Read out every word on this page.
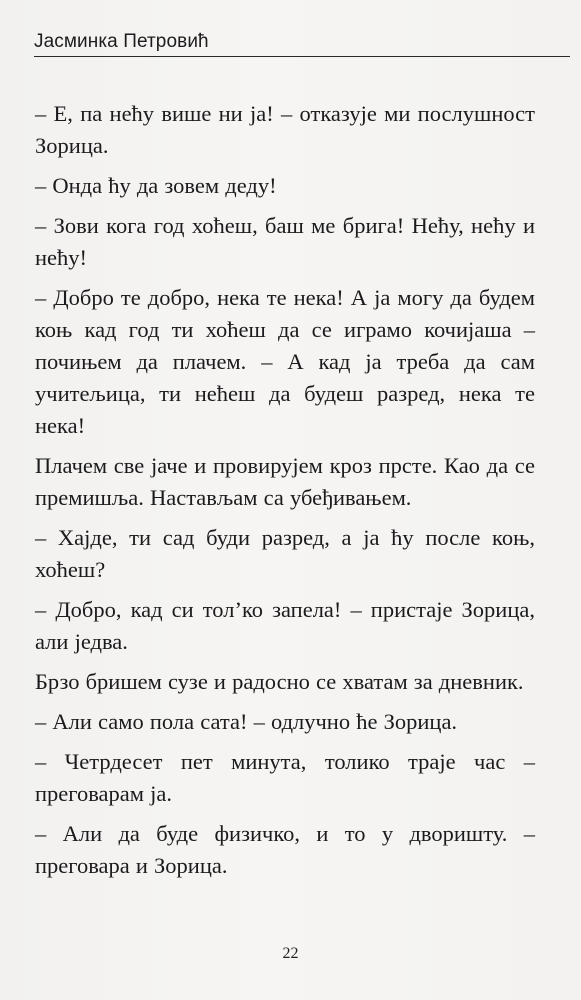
Јасминка Петровић

– Е, па нећу више ни ја! – отказује ми послушност Зорица.

– Онда ћу да зовем деду!

– Зови кога год хоћеш, баш ме брига! Нећу, нећу и нећу!

– Добро те добро, нека те нека! А ја могу да будем коњ кад год ти хоћеш да се играмо кочијаша – почињем да плачем. – А кад ја треба да сам учитељица, ти нећеш да будеш разред, нека те нека!

Плачем све јаче и провирујем кроз прсте. Као да се премишља. Настављам са убеђивањем.

– Хајде, ти сад буди разред, а ја ћу после коњ, хоћеш?

– Добро, кад си тол’ко запела! – пристаје Зорица, али једва.

Брзо бришем сузе и радосно се хватам за дневник.

– Али само пола сата! – одлучно ће Зорица.

– Четрдесет пет минута, толико траје час – преговарам ја.

– Али да буде физичко, и то у дворишту. – преговара и Зорица.

22
